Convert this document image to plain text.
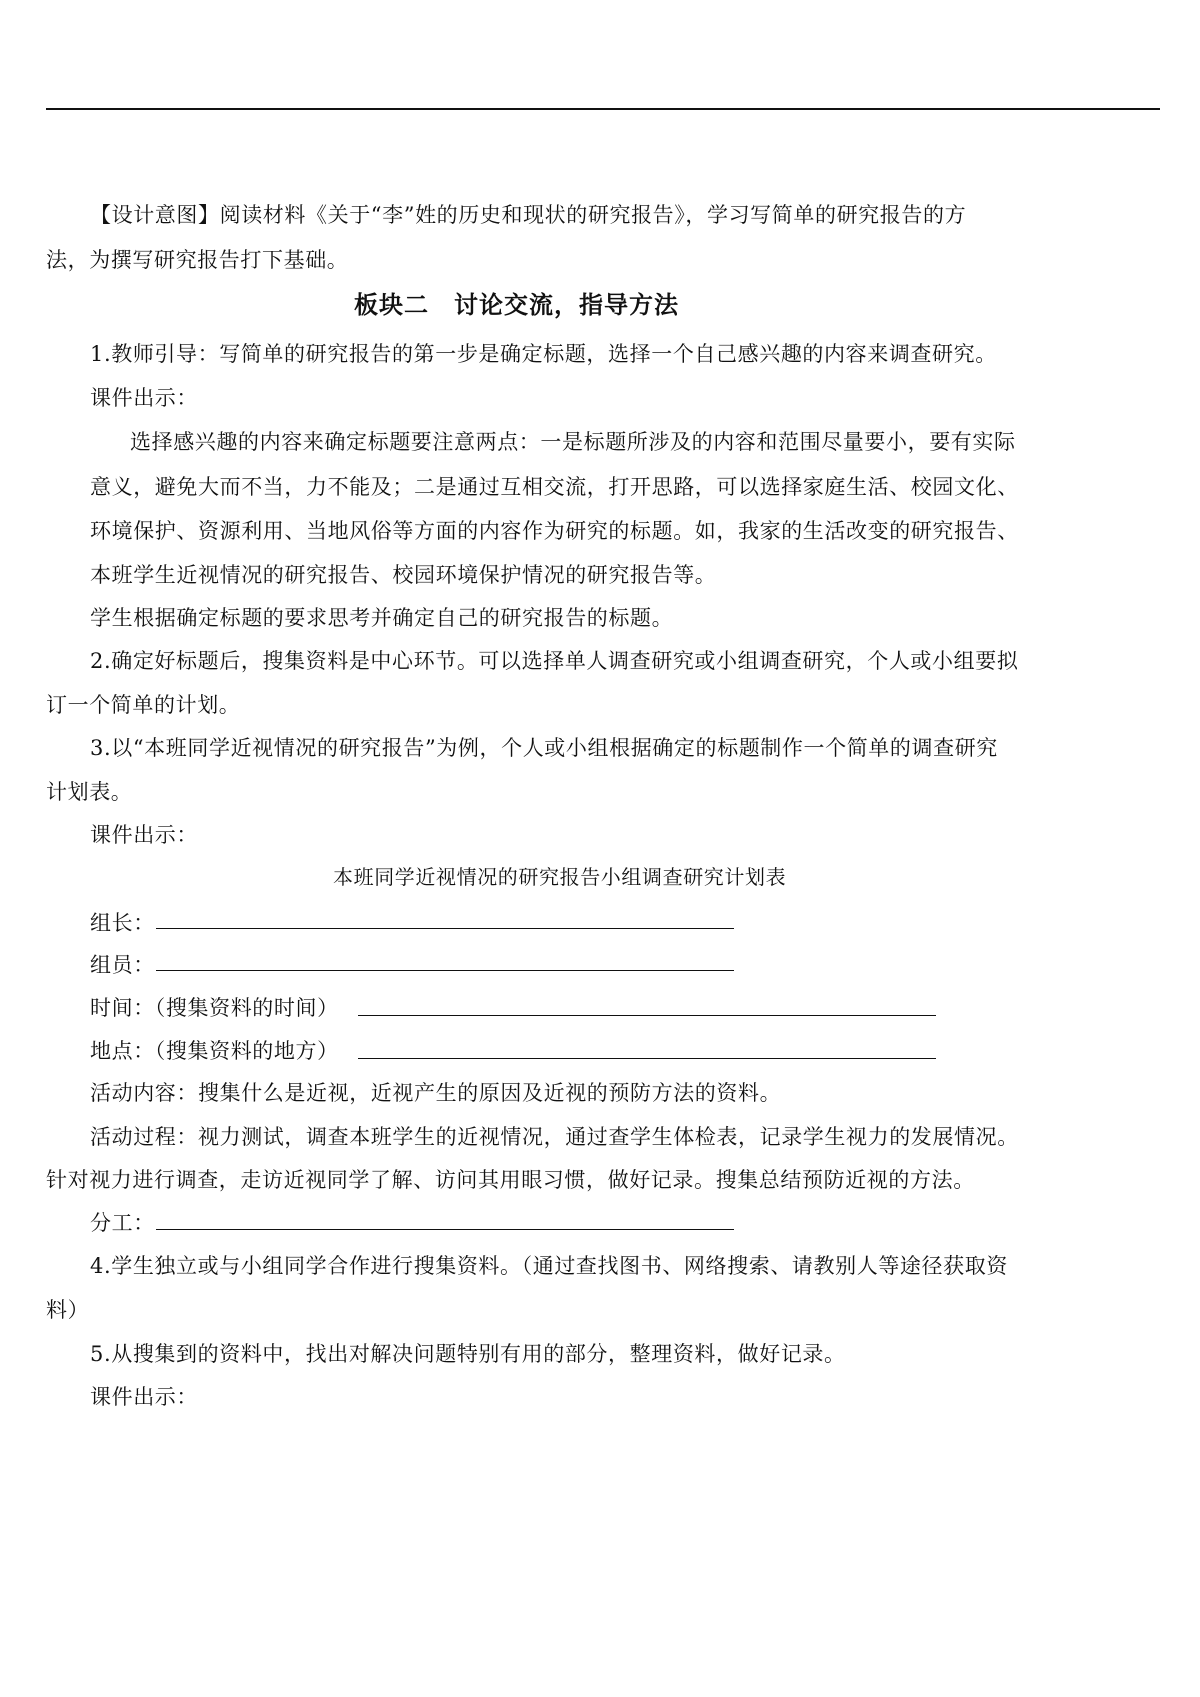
【设计意图】阅读材料《关于“李”姓的历史和现状的研究报告》，学习写简单的研究报告的方
法，为撰写研究报告打下基础。
板块二　讨论交流，指导方法
1.教师引导：写简单的研究报告的第一步是确定标题，选择一个自己感兴趣的内容来调查研究。
课件出示：
选择感兴趣的内容来确定标题要注意两点：一是标题所涉及的内容和范围尽量要小，要有实际
意义，避免大而不当，力不能及；二是通过互相交流，打开思路，可以选择家庭生活、校园文化、
环境保护、资源利用、当地风俗等方面的内容作为研究的标题。如，我家的生活改变的研究报告、
本班学生近视情况的研究报告、校园环境保护情况的研究报告等。
学生根据确定标题的要求思考并确定自己的研究报告的标题。
2.确定好标题后，搜集资料是中心环节。可以选择单人调查研究或小组调查研究，个人或小组要拟
订一个简单的计划。
3.以“本班同学近视情况的研究报告”为例，个人或小组根据确定的标题制作一个简单的调查研究
计划表。
课件出示：
本班同学近视情况的研究报告小组调查研究计划表
组长：
组员：
时间：（搜集资料的时间）
地点：（搜集资料的地方）
活动内容：搜集什么是近视，近视产生的原因及近视的预防方法的资料。
活动过程：视力测试，调查本班学生的近视情况，通过查学生体检表，记录学生视力的发展情况。
针对视力进行调查，走访近视同学了解、访问其用眼习惯，做好记录。搜集总结预防近视的方法。
分工：
4.学生独立或与小组同学合作进行搜集资料。（通过查找图书、网络搜索、请教别人等途径获取资
料）
5.从搜集到的资料中，找出对解决问题特别有用的部分，整理资料，做好记录。
课件出示：
